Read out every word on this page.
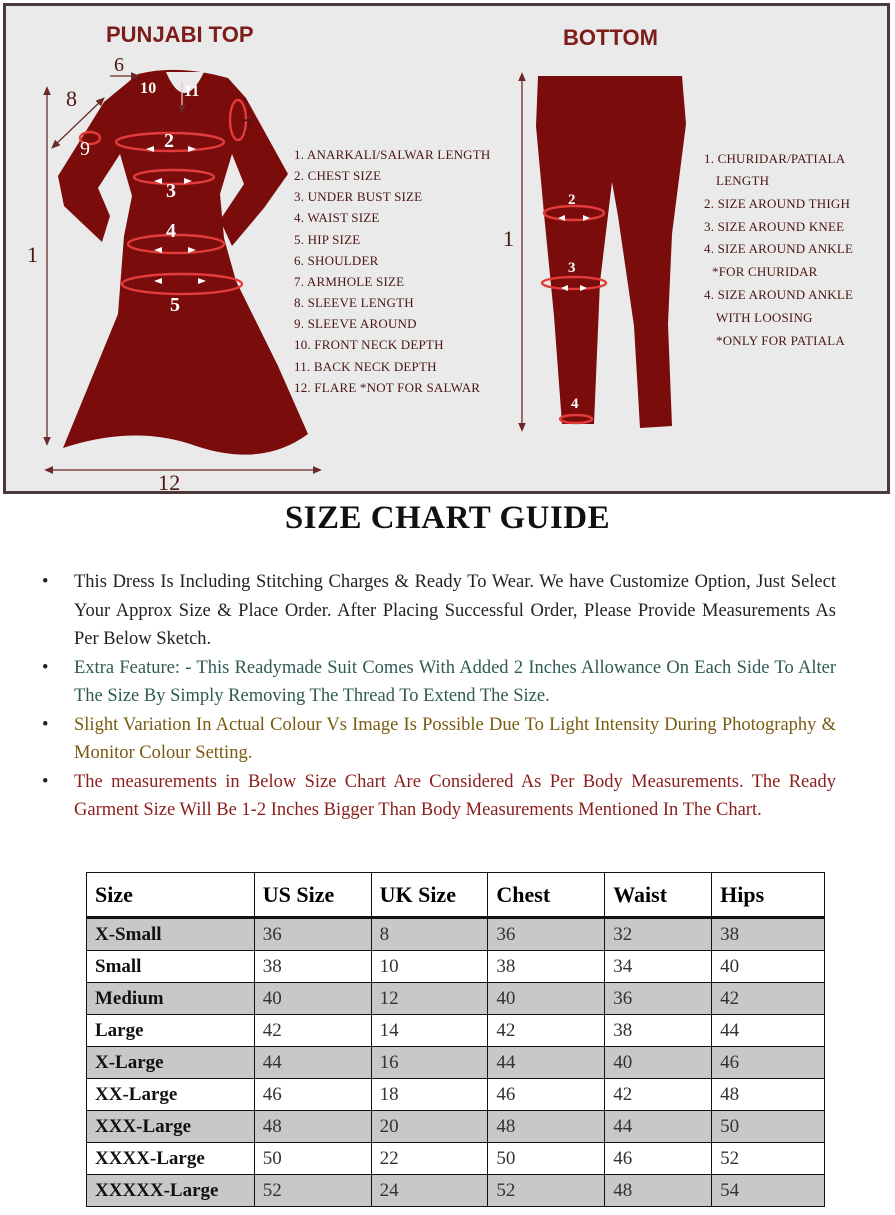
PUNJABI TOP	BOTTOM
1
2
3
4
5
6
7
8
9
10 11
12
1
2
3
4
1. ANARKALI/SALWAR LENGTH
2. CHEST SIZE
3. UNDER BUST SIZE
4. WAIST SIZE
5. HIP SIZE
6. SHOULDER
7. ARMHOLE SIZE
8. SLEEVE LENGTH
9. SLEEVE AROUND
10. FRONT NECK DEPTH
11. BACK NECK DEPTH
12. FLARE *NOT FOR SALWAR
1. CHURIDAR/PATIALA
LENGTH
2. SIZE AROUND THIGH
3. SIZE AROUND KNEE
4. SIZE AROUND ANKLE
*FOR CHURIDAR
4. SIZE AROUND ANKLE
WITH LOOSING
*ONLY FOR PATIALA
SIZE CHART GUIDE
• This Dress Is Including Stitching Charges & Ready To Wear. We have Customize Option, Just Select Your Approx Size & Place Order. After Placing Successful Order, Please Provide Measurements As Per Below Sketch.
• Extra Feature: - This Readymade Suit Comes With Added 2 Inches Allowance On Each Side To Alter The Size By Simply Removing The Thread To Extend The Size.
• Slight Variation In Actual Colour Vs Image Is Possible Due To Light Intensity During Photography & Monitor Colour Setting.
• The measurements in Below Size Chart Are Considered As Per Body Measurements. The Ready Garment Size Will Be 1-2 Inches Bigger Than Body Measurements Mentioned In The Chart.
Size	US Size	UK Size	Chest	Waist	Hips
X-Small	36	8	36	32	38
Small	38	10	38	34	40
Medium	40	12	40	36	42
Large	42	14	42	38	44
X-Large	44	16	44	40	46
XX-Large	46	18	46	42	48
XXX-Large	48	20	48	44	50
XXXX-Large	50	22	50	46	52
XXXXX-Large	52	24	52	48	54
